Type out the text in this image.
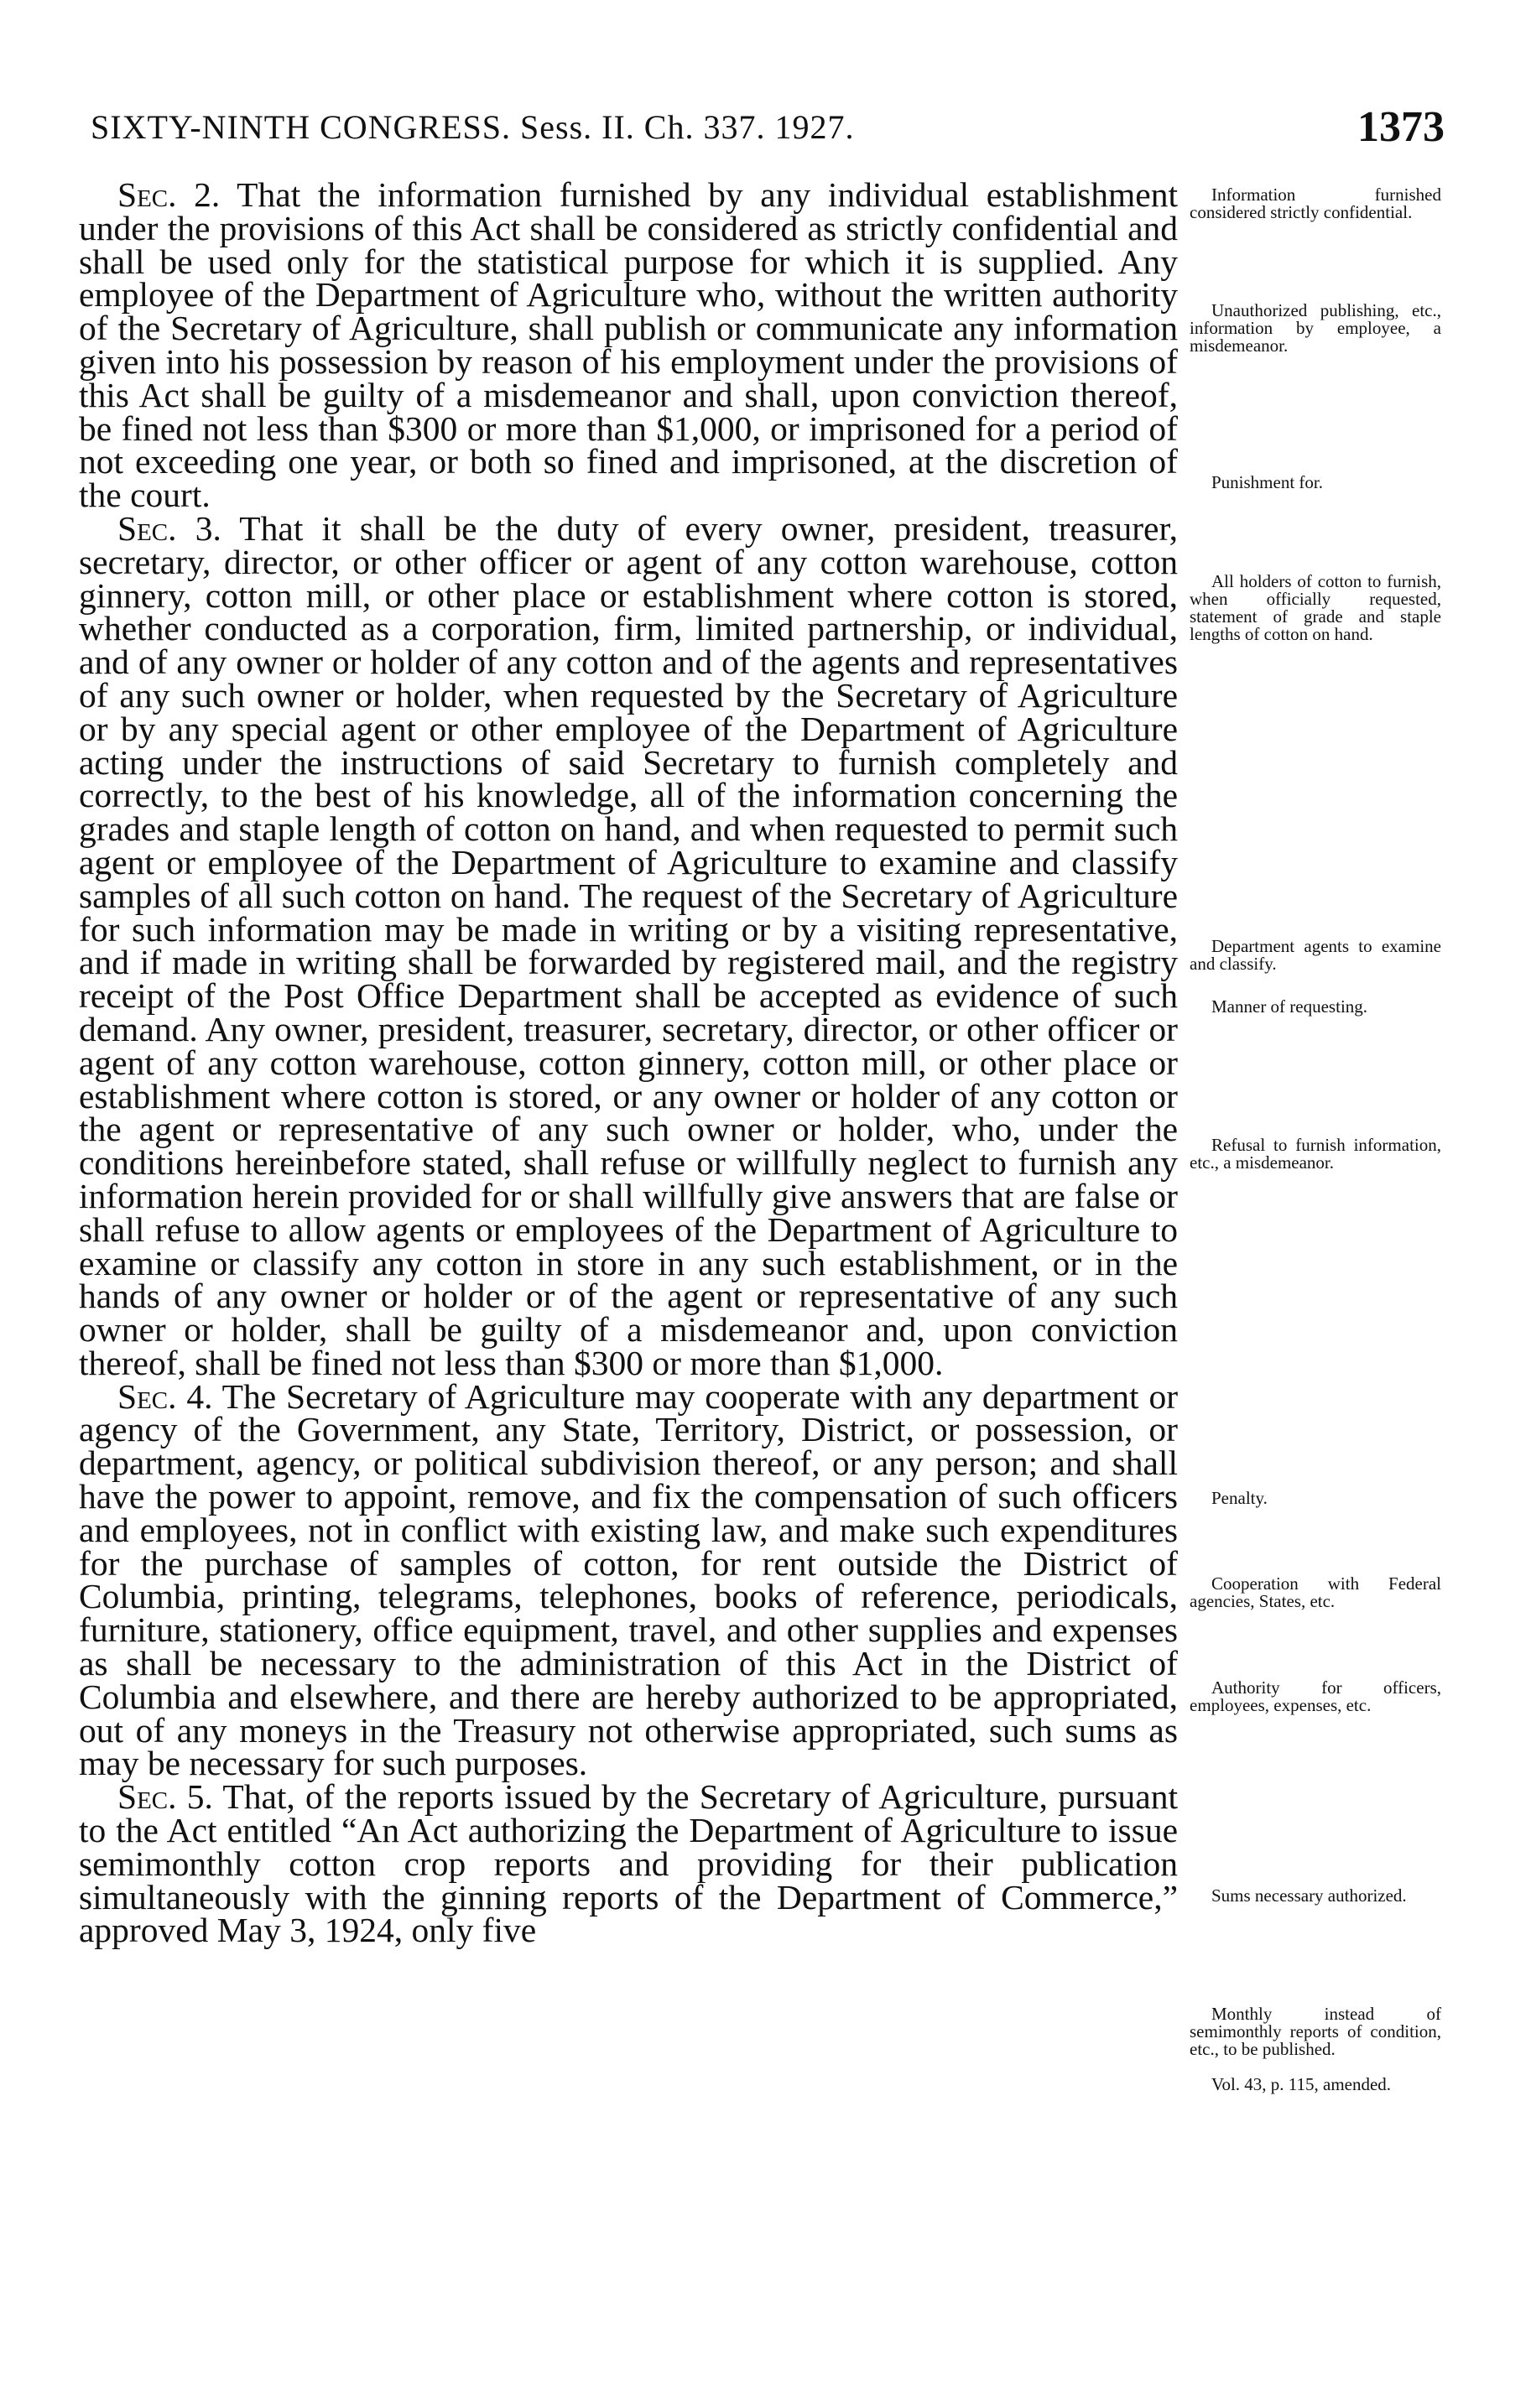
SIXTY-NINTH CONGRESS. Sess. II. Ch. 337. 1927.	1373

Sec. 2. That the information furnished by any individual establishment under the provisions of this Act shall be considered as strictly confidential and shall be used only for the statistical purpose for which it is supplied. Any employee of the Department of Agriculture who, without the written authority of the Secretary of Agriculture, shall publish or communicate any information given into his possession by reason of his employment under the provisions of this Act shall be guilty of a misdemeanor and shall, upon conviction thereof, be fined not less than $300 or more than $1,000, or imprisoned for a period of not exceeding one year, or both so fined and imprisoned, at the discretion of the court.

Sec. 3. That it shall be the duty of every owner, president, treasurer, secretary, director, or other officer or agent of any cotton warehouse, cotton ginnery, cotton mill, or other place or establishment where cotton is stored, whether conducted as a corporation, firm, limited partnership, or individual, and of any owner or holder of any cotton and of the agents and representatives of any such owner or holder, when requested by the Secretary of Agriculture or by any special agent or other employee of the Department of Agriculture acting under the instructions of said Secretary to furnish completely and correctly, to the best of his knowledge, all of the information concerning the grades and staple length of cotton on hand, and when requested to permit such agent or employee of the Department of Agriculture to examine and classify samples of all such cotton on hand. The request of the Secretary of Agriculture for such information may be made in writing or by a visiting representative, and if made in writing shall be forwarded by registered mail, and the registry receipt of the Post Office Department shall be accepted as evidence of such demand. Any owner, president, treasurer, secretary, director, or other officer or agent of any cotton warehouse, cotton ginnery, cotton mill, or other place or establishment where cotton is stored, or any owner or holder of any cotton or the agent or representative of any such owner or holder, who, under the conditions hereinbefore stated, shall refuse or willfully neglect to furnish any information herein provided for or shall willfully give answers that are false or shall refuse to allow agents or employees of the Department of Agriculture to examine or classify any cotton in store in any such establishment, or in the hands of any owner or holder or of the agent or representative of any such owner or holder, shall be guilty of a misdemeanor and, upon conviction thereof, shall be fined not less than $300 or more than $1,000.

Sec. 4. The Secretary of Agriculture may cooperate with any department or agency of the Government, any State, Territory, District, or possession, or department, agency, or political subdivision thereof, or any person; and shall have the power to appoint, remove, and fix the compensation of such officers and employees, not in conflict with existing law, and make such expenditures for the purchase of samples of cotton, for rent outside the District of Columbia, printing, telegrams, telephones, books of reference, periodicals, furniture, stationery, office equipment, travel, and other supplies and expenses as shall be necessary to the administration of this Act in the District of Columbia and elsewhere, and there are hereby authorized to be appropriated, out of any moneys in the Treasury not otherwise appropriated, such sums as may be necessary for such purposes.

Sec. 5. That, of the reports issued by the Secretary of Agriculture, pursuant to the Act entitled “An Act authorizing the Department of Agriculture to issue semimonthly cotton crop reports and providing for their publication simultaneously with the ginning reports of the Department of Commerce,” approved May 3, 1924, only five

Information furnished considered strictly confidential.
Unauthorized publishing, etc., information by employee, a misdemeanor.
Punishment for.
All holders of cotton to furnish, when officially requested, statement of grade and staple lengths of cotton on hand.
Department agents to examine and classify.
Manner of requesting.
Refusal to furnish information, etc., a misdemeanor.
Penalty.
Cooperation with Federal agencies, States, etc.
Authority for officers, employees, expenses, etc.
Sums necessary authorized.
Monthly instead of semimonthly reports of condition, etc., to be published.
Vol. 43, p. 115, amended.
